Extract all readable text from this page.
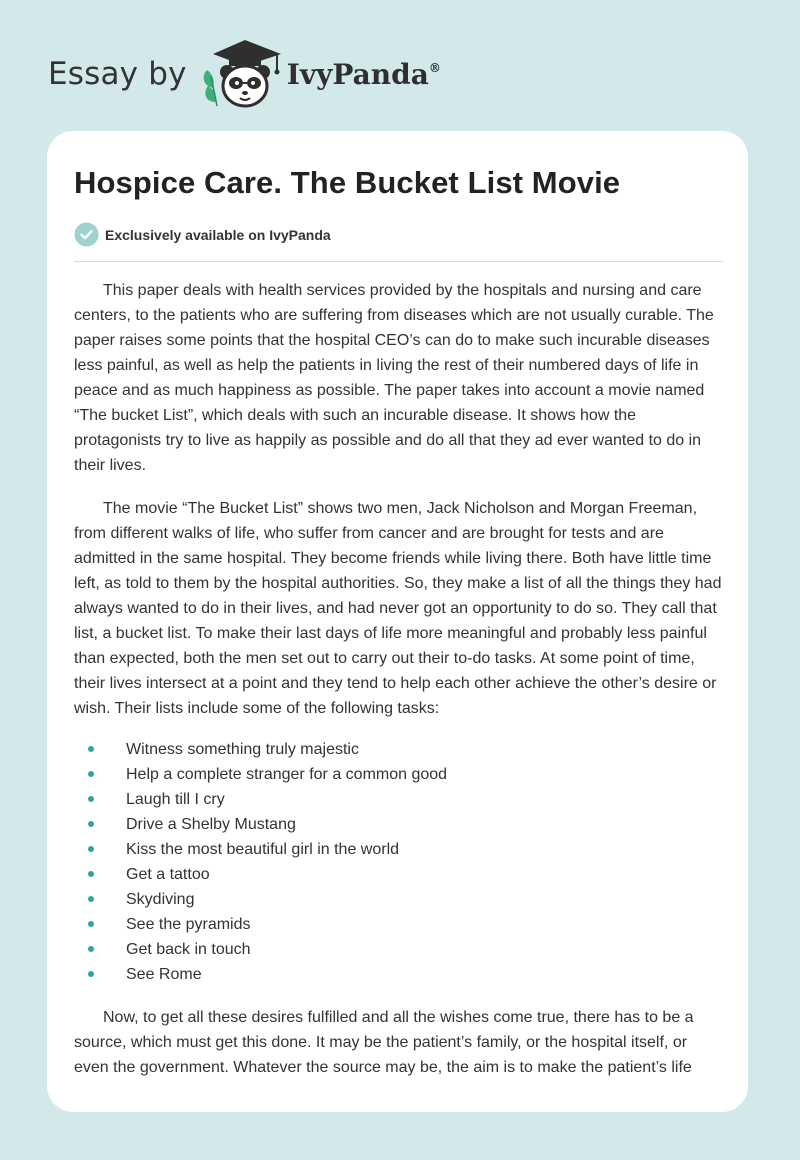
Essay by	IvyPanda®
Hospice Care. The Bucket List Movie
Exclusively available on IvyPanda

This paper deals with health services provided by the hospitals and nursing and care centers, to the patients who are suffering from diseases which are not usually curable. The paper raises some points that the hospital CEO’s can do to make such incurable diseases less painful, as well as help the patients in living the rest of their numbered days of life in peace and as much happiness as possible. The paper takes into account a movie named “The bucket List”, which deals with such an incurable disease. It shows how the protagonists try to live as happily as possible and do all that they ad ever wanted to do in their lives.

The movie “The Bucket List” shows two men, Jack Nicholson and Morgan Freeman, from different walks of life, who suffer from cancer and are brought for tests and are admitted in the same hospital. They become friends while living there. Both have little time left, as told to them by the hospital authorities. So, they make a list of all the things they had always wanted to do in their lives, and had never got an opportunity to do so. They call that list, a bucket list. To make their last days of life more meaningful and probably less painful than expected, both the men set out to carry out their to-do tasks. At some point of time, their lives intersect at a point and they tend to help each other achieve the other’s desire or wish. Their lists include some of the following tasks:

Witness something truly majestic
Help a complete stranger for a common good
Laugh till I cry
Drive a Shelby Mustang
Kiss the most beautiful girl in the world
Get a tattoo
Skydiving
See the pyramids
Get back in touch
See Rome

Now, to get all these desires fulfilled and all the wishes come true, there has to be a source, which must get this done. It may be the patient’s family, or the hospital itself, or even the government. Whatever the source may be, the aim is to make the patient’s life
